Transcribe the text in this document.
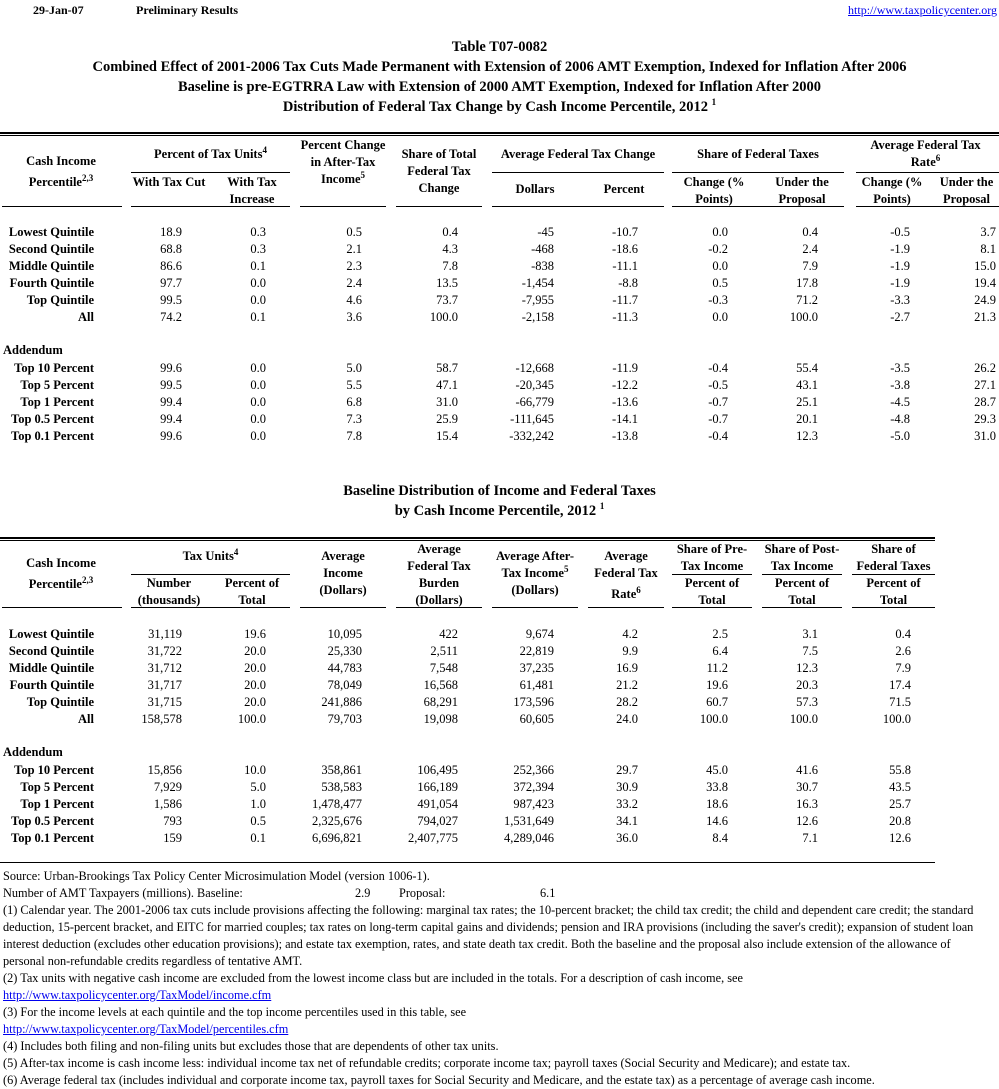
29-Jan-07	Preliminary Results	http://www.taxpolicycenter.org
Table T07-0082
Combined Effect of 2001-2006 Tax Cuts Made Permanent with Extension of 2006 AMT Exemption, Indexed for Inflation After 2006
Baseline is pre-EGTRRA Law with Extension of 2000 AMT Exemption, Indexed for Inflation After 2000
Distribution of Federal Tax Change by Cash Income Percentile, 2012 $^1$
Cash Income
Percentile$^{2,3}$
Percent of Tax Units$^4$
With Tax Cut	With Tax Increase
Percent Change in After-Tax
Income$^5$
Share of Total Federal Tax Change
Average Federal Tax Change
Dollars	Percent
Share of Federal Taxes
Change (% Points)
Under the Proposal
Average Federal Tax
Rate$^6$
Change (% Points)
Under the Proposal
Lowest Quintile	18.9	0.3	0.5	0.4	-45	-10.7	0.0	0.4	-0.5	3.7
Second Quintile	68.8	0.3	2.1	4.3	-468	-18.6	-0.2	2.4	-1.9	8.1
Middle Quintile	86.6	0.1	2.3	7.8	-838	-11.1	0.0	7.9	-1.9	15.0
Fourth Quintile	97.7	0.0	2.4	13.5	-1,454	-8.8	0.5	17.8	-1.9	19.4
Top Quintile	99.5	0.0	4.6	73.7	-7,955	-11.7	-0.3	71.2	-3.3	24.9
All	74.2	0.1	3.6	100.0	-2,158	-11.3	0.0	100.0	-2.7	21.3
Addendum
Top 10 Percent	99.6	0.0	5.0	58.7	-12,668	-11.9	-0.4	55.4	-3.5	26.2
Top 5 Percent	99.5	0.0	5.5	47.1	-20,345	-12.2	-0.5	43.1	-3.8	27.1
Top 1 Percent	99.4	0.0	6.8	31.0	-66,779	-13.6	-0.7	25.1	-4.5	28.7
Top 0.5 Percent	99.4	0.0	7.3	25.9	-111,645	-14.1	-0.7	20.1	-4.8	29.3
Top 0.1 Percent	99.6	0.0	7.8	15.4	-332,242	-13.8	-0.4	12.3	-5.0	31.0
Baseline Distribution of Income and Federal Taxes
by Cash Income Percentile, 2012 $^1$
Cash Income
Percentile$^{2,3}$
Tax Units$^4$
Number (thousands)
Percent of Total
Average Income (Dollars)
Average Federal Tax Burden (Dollars)
Average After-
Tax Income$^5$
(Dollars)
Average Federal Tax
Rate$^6$
Share of Pre-Tax Income
Percent of Total
Share of Post-Tax Income
Percent of Total
Share of Federal Taxes
Percent of Total
Lowest Quintile	31,119	19.6	10,095	422	9,674	4.2	2.5	3.1	0.4
Second Quintile	31,722	20.0	25,330	2,511	22,819	9.9	6.4	7.5	2.6
Middle Quintile	31,712	20.0	44,783	7,548	37,235	16.9	11.2	12.3	7.9
Fourth Quintile	31,717	20.0	78,049	16,568	61,481	21.2	19.6	20.3	17.4
Top Quintile	31,715	20.0	241,886	68,291	173,596	28.2	60.7	57.3	71.5
All	158,578	100.0	79,703	19,098	60,605	24.0	100.0	100.0	100.0
Addendum
Top 10 Percent	15,856	10.0	358,861	106,495	252,366	29.7	45.0	41.6	55.8
Top 5 Percent	7,929	5.0	538,583	166,189	372,394	30.9	33.8	30.7	43.5
Top 1 Percent	1,586	1.0	1,478,477	491,054	987,423	33.2	18.6	16.3	25.7
Top 0.5 Percent	793	0.5	2,325,676	794,027	1,531,649	34.1	14.6	12.6	20.8
Top 0.1 Percent	159	0.1	6,696,821	2,407,775	4,289,046	36.0	8.4	7.1	12.6
Source: Urban-Brookings Tax Policy Center Microsimulation Model (version 1006-1).
Number of AMT Taxpayers (millions). Baseline:	2.9 Proposal:	6.1
(1) Calendar year. The 2001-2006 tax cuts include provisions affecting the following: marginal tax rates; the 10-percent bracket; the child tax credit; the child and dependent care credit; the standard deduction, 15-percent bracket, and EITC for married couples; tax rates on long-term capital gains and dividends; pension and IRA provisions (including the saver's credit); expansion of student loan interest deduction (excludes other education provisions); and estate tax exemption, rates, and state death tax credit. Both the baseline and the proposal also include extension of the allowance of personal non-refundable credits regardless of tentative AMT.
(2) Tax units with negative cash income are excluded from the lowest income class but are included in the totals. For a description of cash income, see
http://www.taxpolicycenter.org/TaxModel/income.cfm
(3) For the income levels at each quintile and the top income percentiles used in this table, see
http://www.taxpolicycenter.org/TaxModel/percentiles.cfm
(4) Includes both filing and non-filing units but excludes those that are dependents of other tax units.
(5) After-tax income is cash income less: individual income tax net of refundable credits; corporate income tax; payroll taxes (Social Security and Medicare); and estate tax.
(6) Average federal tax (includes individual and corporate income tax, payroll taxes for Social Security and Medicare, and the estate tax) as a percentage of average cash income.
